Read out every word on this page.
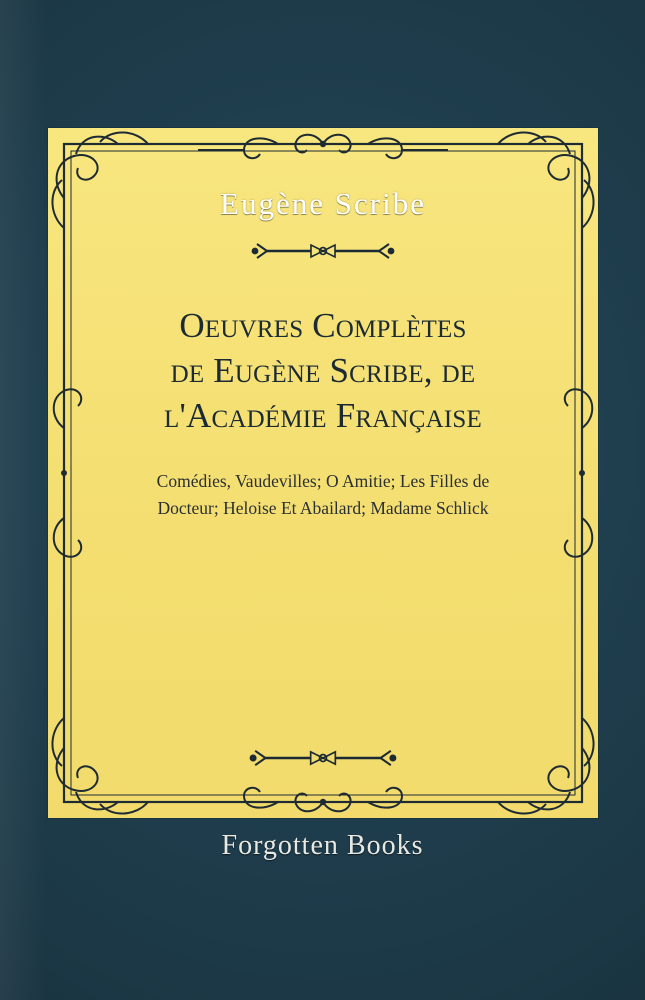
Eugène Scribe
Oeuvres Complètes
de Eugène Scribe, de
l'Académie Française
Comédies, Vaudevilles; O Amitie; Les Filles de
Docteur; Heloise Et Abailard; Madame Schlick
Forgotten Books
